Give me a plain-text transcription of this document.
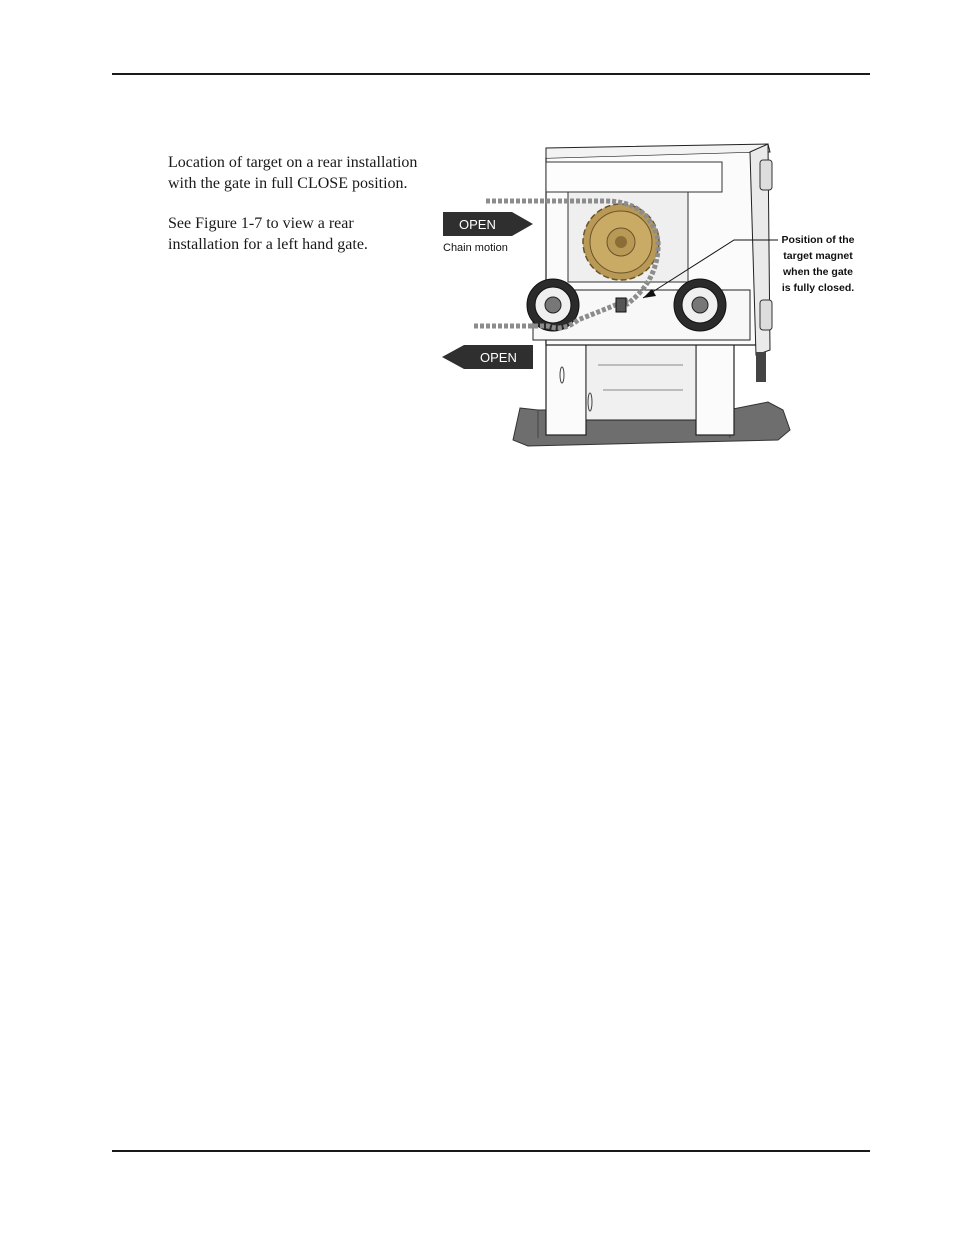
Location of target on a rear installation
with the gate in full CLOSE position.

See Figure 1-7 to view a rear
installation for a left hand gate.

OPEN
Chain motion
OPEN
Position of the
target magnet
when the gate
is fully closed.
